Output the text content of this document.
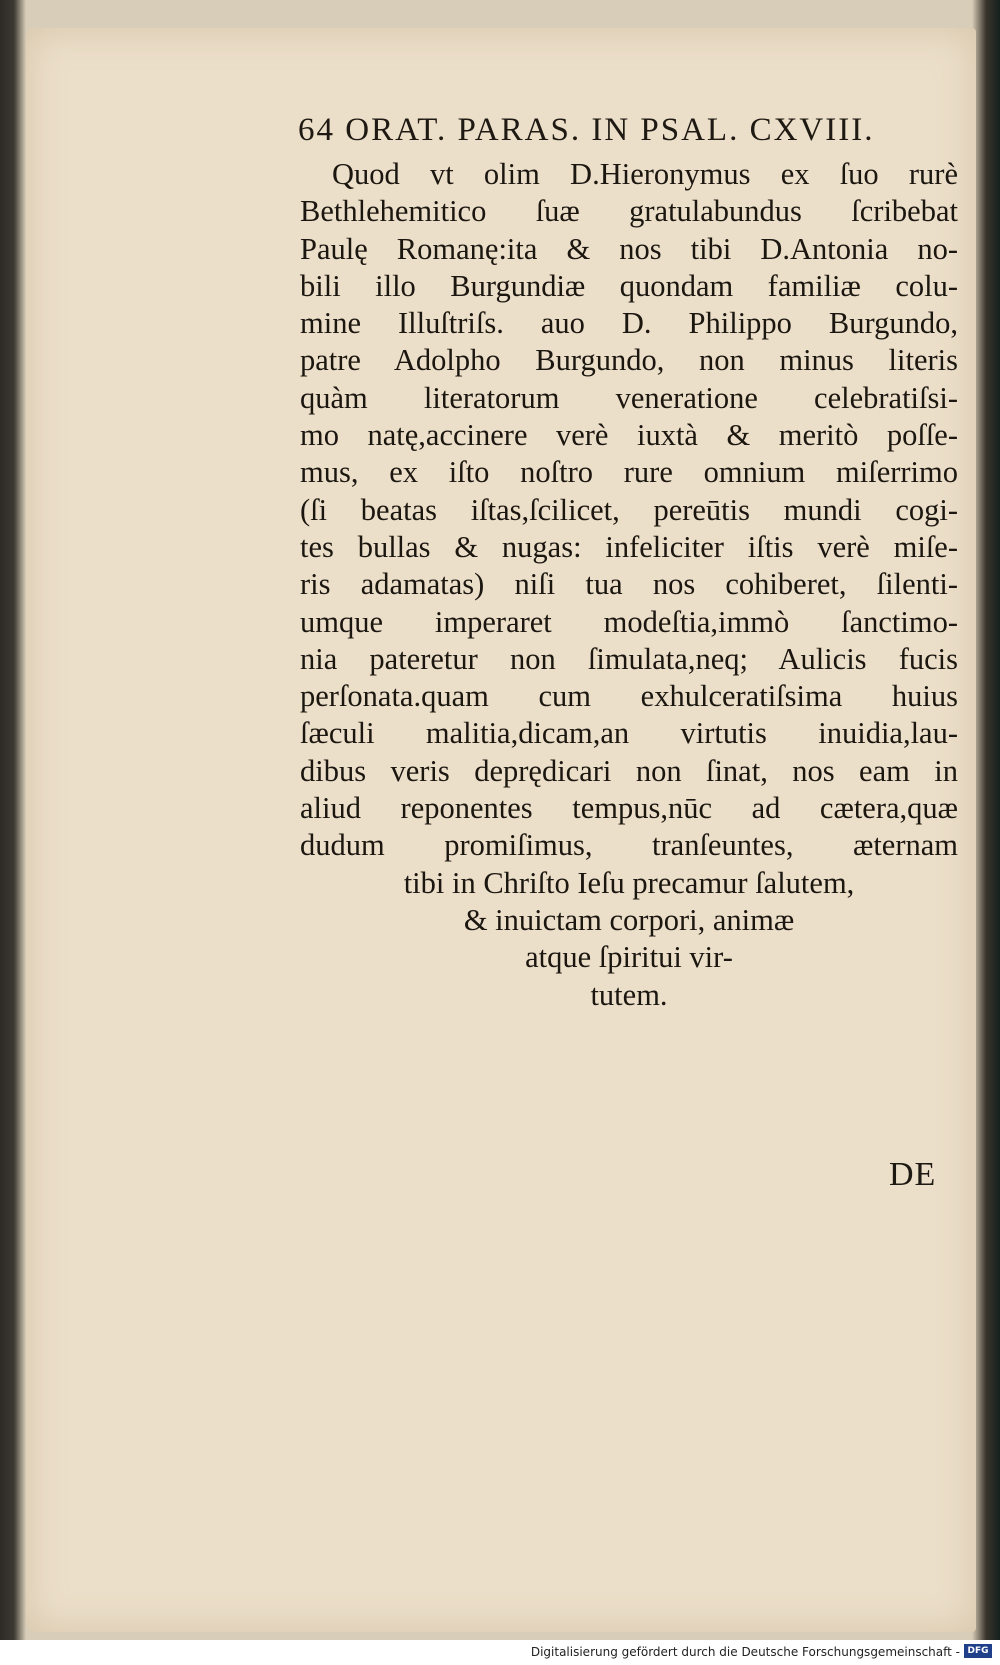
64 ORAT. PARAS. IN PSAL. CXVIII.
Quod vt olim D.Hieronymus ex ſuo rurè
Bethlehemitico ſuæ gratulabundus ſcribebat
Paulę Romanę:ita & nos tibi D.Antonia no-
bili illo Burgundiæ quondam familiæ colu-
mine Illuſtriſs. auo D. Philippo Burgundo,
patre Adolpho Burgundo, non minus literis
quàm literatorum veneratione celebratiſsi-
mo natę,accinere verè iuxtà & meritò poſſe-
mus, ex iſto noſtro rure omnium miſerrimo
(ſi beatas iſtas,ſcilicet, pereūtis mundi cogi-
tes bullas & nugas: infeliciter iſtis verè miſe-
ris adamatas) niſi tua nos cohiberet, ſilenti-
umque imperaret modeſtia,immò ſanctimo-
nia pateretur non ſimulata,neq; Aulicis fucis
perſonata.quam cum exhulceratiſsima huius
ſæculi malitia,dicam,an virtutis inuidia,lau-
dibus veris deprędicari non ſinat, nos eam in
aliud reponentes tempus,nūc ad cætera,quæ
dudum promiſimus, tranſeuntes, æternam
tibi in Chriſto Ieſu precamur ſalutem,
& inuictam corpori, animæ
atque ſpiritui vir-
tutem.
DE
Digitalisierung gefördert durch die Deutsche Forschungsgemeinschaft - DFG
